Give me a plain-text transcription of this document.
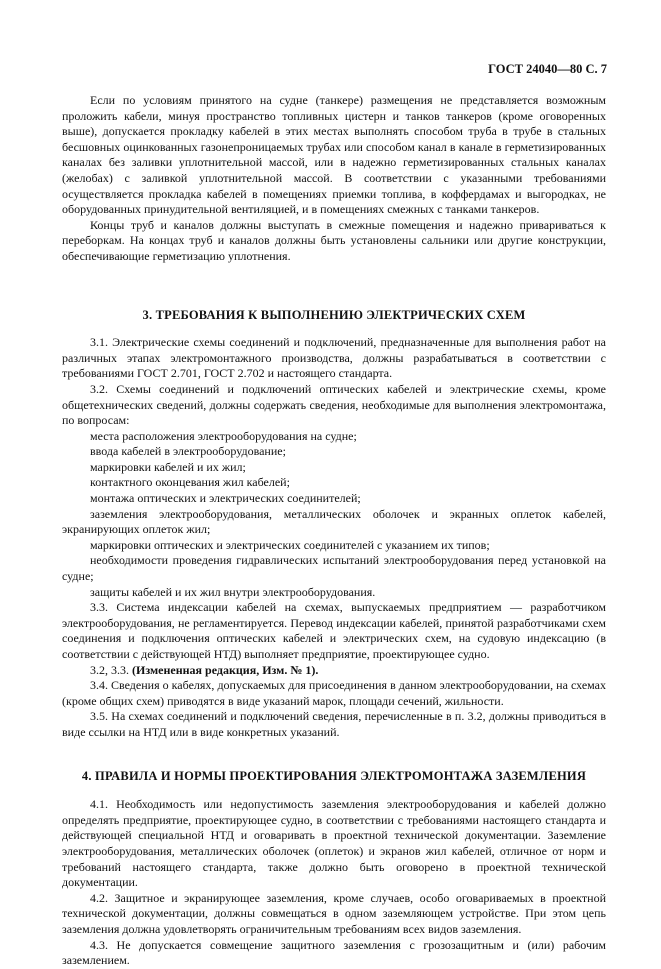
ГОСТ 24040—80 С. 7

Если по условиям принятого на судне (танкере) размещения не представляется возможным проложить кабели, минуя пространство топливных цистерн и танков танкеров (кроме оговоренных выше), допускается прокладку кабелей в этих местах выполнять способом труба в трубе в стальных бесшовных оцинкованных газонепроницаемых трубах или способом канал в канале в герметизированных каналах без заливки уплотнительной массой, или в надежно герметизированных стальных каналах (желобах) с заливкой уплотнительной массой. В соответствии с указанными требованиями осуществляется прокладка кабелей в помещениях приемки топлива, в коффердамах и выгородках, не оборудованных принудительной вентиляцией, и в помещениях смежных с танками танкеров.

Концы труб и каналов должны выступать в смежные помещения и надежно привариваться к переборкам. На концах труб и каналов должны быть установлены сальники или другие конструкции, обеспечивающие герметизацию уплотнения.

3. ТРЕБОВАНИЯ К ВЫПОЛНЕНИЮ ЭЛЕКТРИЧЕСКИХ СХЕМ

3.1. Электрические схемы соединений и подключений, предназначенные для выполнения работ на различных этапах электромонтажного производства, должны разрабатываться в соответствии с требованиями ГОСТ 2.701, ГОСТ 2.702 и настоящего стандарта.

3.2. Схемы соединений и подключений оптических кабелей и электрические схемы, кроме общетехнических сведений, должны содержать сведения, необходимые для выполнения электромонтажа, по вопросам:

места расположения электрооборудования на судне;

ввода кабелей в электрооборудование;

маркировки кабелей и их жил;

контактного оконцевания жил кабелей;

монтажа оптических и электрических соединителей;

заземления электрооборудования, металлических оболочек и экранных оплеток кабелей, экранирующих оплеток жил;

маркировки оптических и электрических соединителей с указанием их типов;

необходимости проведения гидравлических испытаний электрооборудования перед установкой на судне;

защиты кабелей и их жил внутри электрооборудования.

3.3. Система индексации кабелей на схемах, выпускаемых предприятием — разработчиком электрооборудования, не регламентируется. Перевод индексации кабелей, принятой разработчиками схем соединения и подключения оптических кабелей и электрических схем, на судовую индексацию (в соответствии с действующей НТД) выполняет предприятие, проектирующее судно.

3.2, 3.3. (Измененная редакция, Изм. № 1).

3.4. Сведения о кабелях, допускаемых для присоединения в данном электрооборудовании, на схемах (кроме общих схем) приводятся в виде указаний марок, площади сечений, жильности.

3.5. На схемах соединений и подключений сведения, перечисленные в п. 3.2, должны приводиться в виде ссылки на НТД или в виде конкретных указаний.

4. ПРАВИЛА И НОРМЫ ПРОЕКТИРОВАНИЯ ЭЛЕКТРОМОНТАЖА ЗАЗЕМЛЕНИЯ

4.1. Необходимость или недопустимость заземления электрооборудования и кабелей должно определять предприятие, проектирующее судно, в соответствии с требованиями настоящего стандарта и действующей специальной НТД и оговаривать в проектной технической документации. Заземление электрооборудования, металлических оболочек (оплеток) и экранов жил кабелей, отличное от норм и требований настоящего стандарта, также должно быть оговорено в проектной технической документации.

4.2. Защитное и экранирующее заземления, кроме случаев, особо оговариваемых в проектной технической документации, должны совмещаться в одном заземляющем устройстве. При этом цепь заземления должна удовлетворять ограничительным требованиям всех видов заземления.

4.3. Не допускается совмещение защитного заземления с грозозащитным и (или) рабочим заземлением.
